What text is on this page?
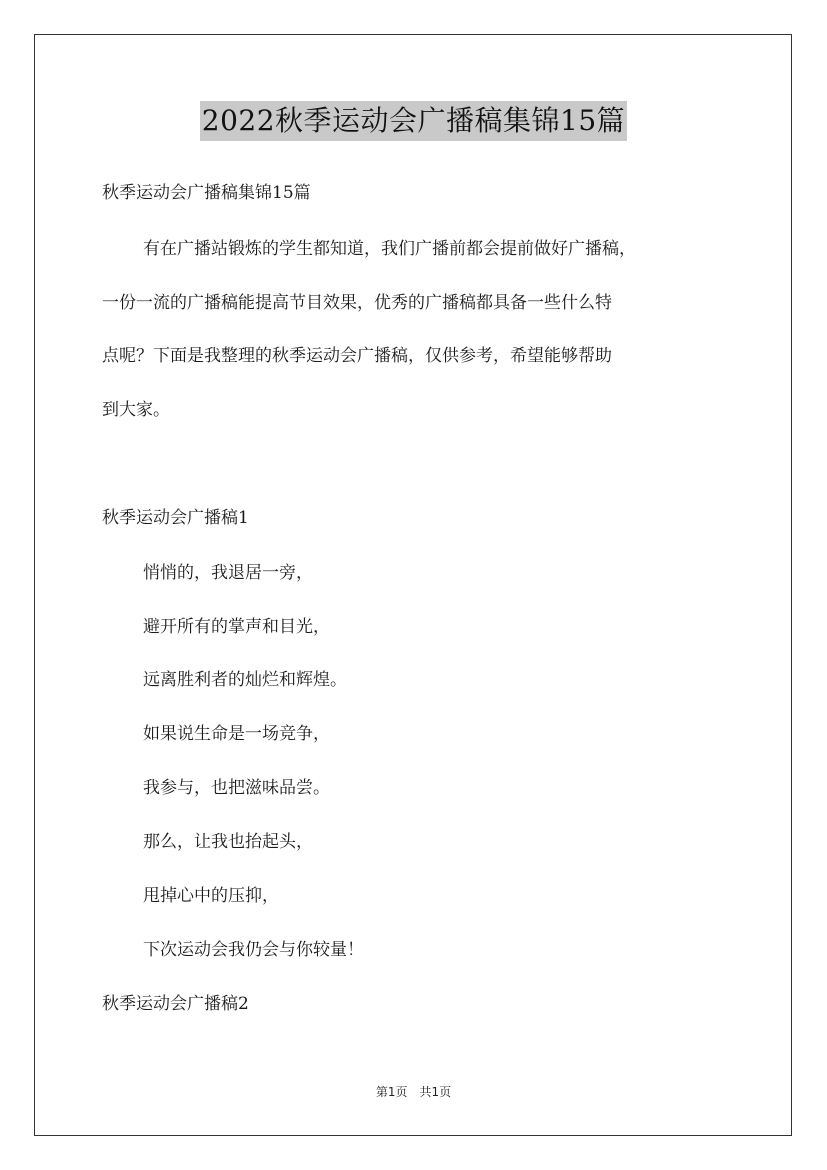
2022秋季运动会广播稿集锦15篇
秋季运动会广播稿集锦15篇
有在广播站锻炼的学生都知道，我们广播前都会提前做好广播稿，
一份一流的广播稿能提高节目效果，优秀的广播稿都具备一些什么特
点呢？下面是我整理的秋季运动会广播稿，仅供参考，希望能够帮助
到大家。
秋季运动会广播稿1
悄悄的，我退居一旁，
避开所有的掌声和目光，
远离胜利者的灿烂和辉煌。
如果说生命是一场竞争，
我参与，也把滋味品尝。
那么，让我也抬起头，
甩掉心中的压抑，
下次运动会我仍会与你较量！
秋季运动会广播稿2
第1页　共1页
